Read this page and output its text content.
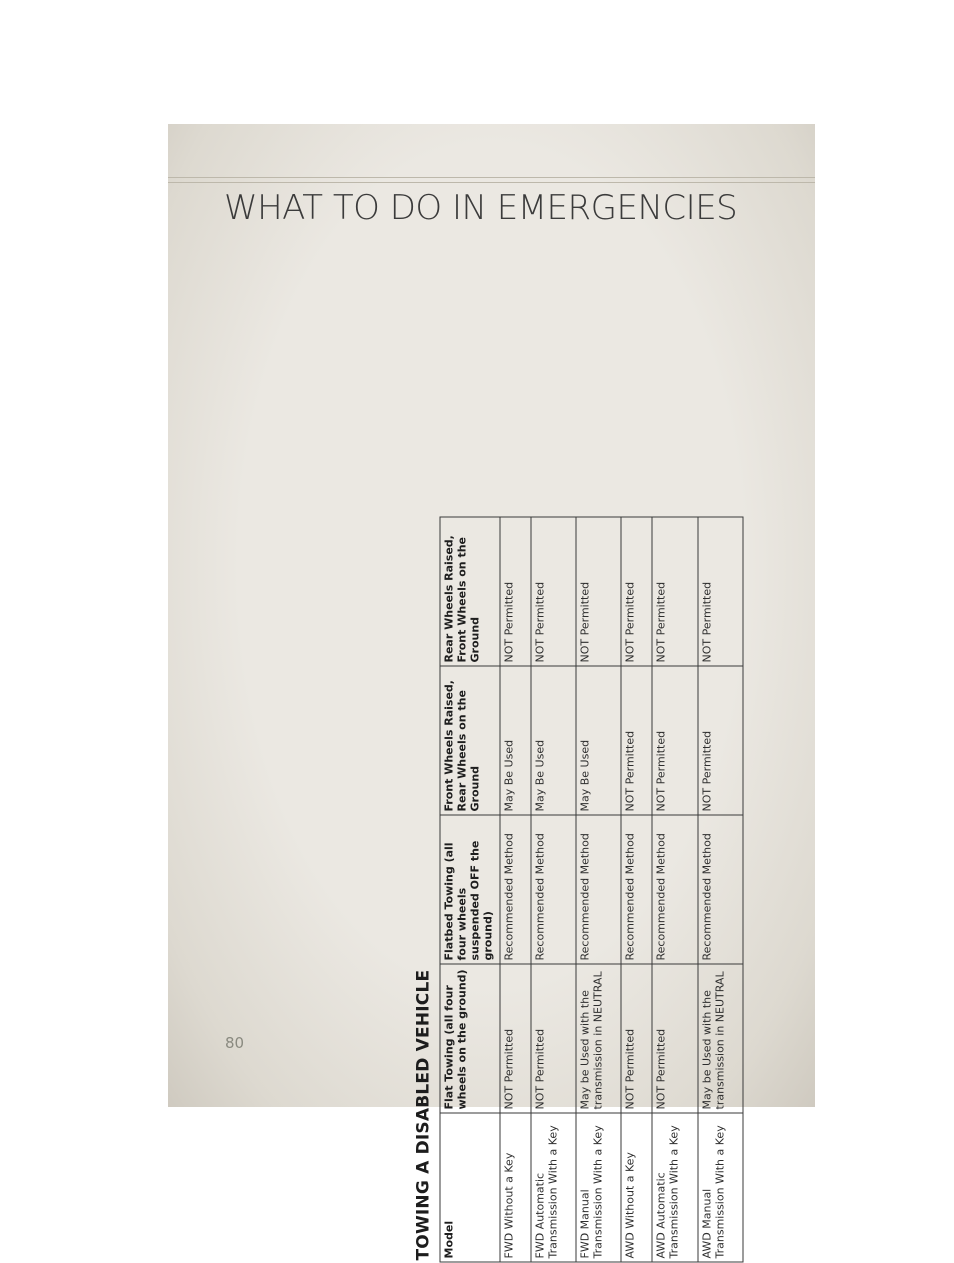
WHAT TO DO IN EMERGENCIES
TOWING A DISABLED VEHICLE Model	Flat Towing (all four wheels on the ground)	Flatbed Towing (all four wheels suspended OFF the ground)	Front Wheels Raised, Rear Wheels on the Ground	Rear Wheels Raised, Front Wheels on the Ground
FWD Without a Key	NOT Permitted	Recommended Method	May Be Used	NOT Permitted
FWD Automatic Transmission With a Key	NOT Permitted	Recommended Method	May Be Used	NOT Permitted
FWD Manual Transmission With a Key	May be Used with the transmission in NEUTRAL	Recommended Method	May Be Used	NOT Permitted
AWD Without a Key	NOT Permitted	Recommended Method	NOT Permitted	NOT Permitted
AWD Automatic Transmission With a Key	NOT Permitted	Recommended Method	NOT Permitted	NOT Permitted
AWD Manual Transmission With a Key	May be Used with the transmission in NEUTRAL	Recommended Method	NOT Permitted	NOT Permitted
80
